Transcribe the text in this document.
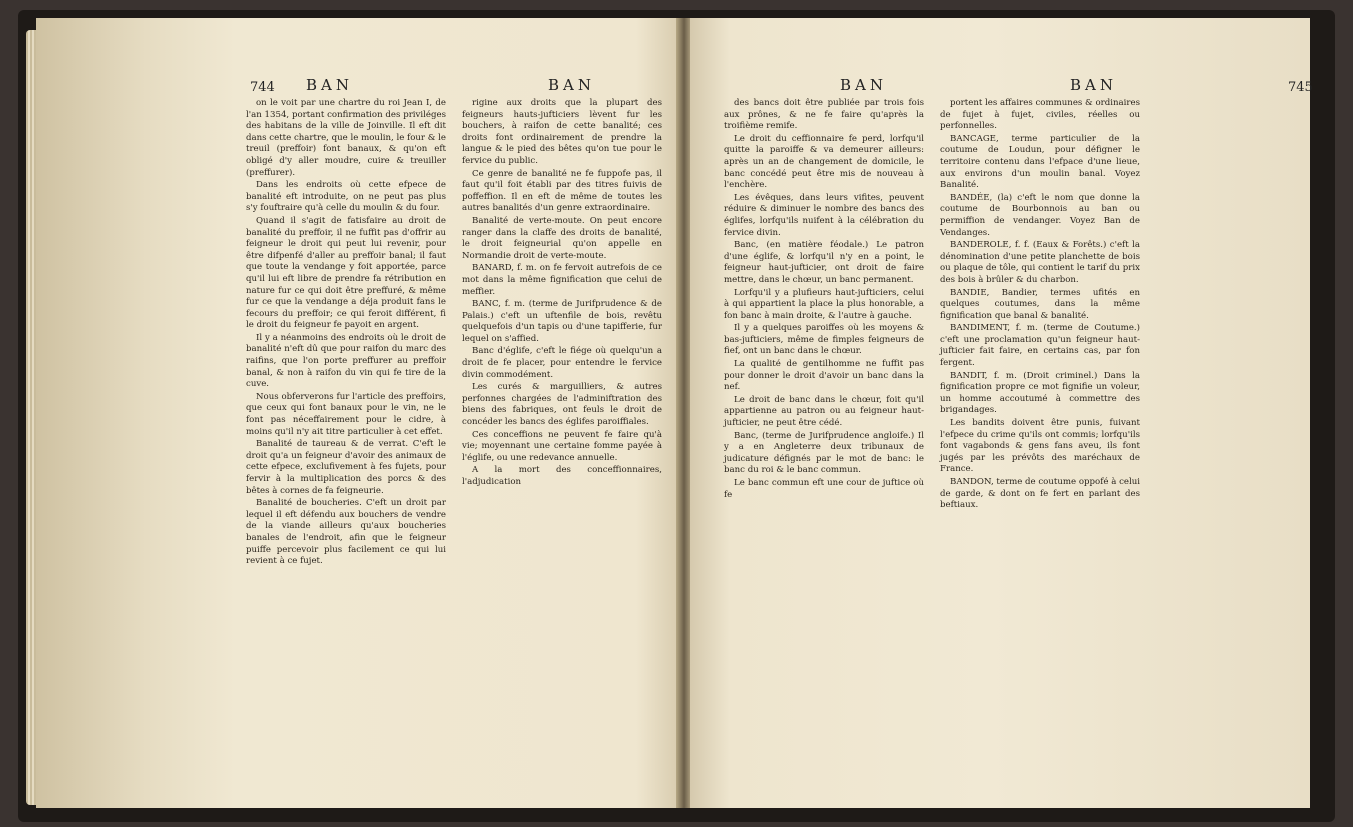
744 BAN	BAN	BAN	BAN	745

on le voit par une chartre du roi Jean I, de l'an 1354, portant confirmation des priviléges des habitans de la ville de Joinville. Il eft dit dans cette chartre, que le moulin, le four & le treuil (preffoir) font banaux, & qu'on eft obligé d'y aller moudre, cuire & treuiller (preffurer).

Dans les endroits où cette efpece de banalité eft introduite, on ne peut pas plus s'y fouftraire qu'à celle du moulin & du four.

Quand il s'agit de fatisfaire au droit de banalité du preffoir, il ne fuffit pas d'offrir au feigneur le droit qui peut lui revenir, pour être difpenfé d'aller au preffoir banal; il faut que toute la vendange y foit apportée, parce qu'il lui eft libre de prendre fa rétribution en nature fur ce qui doit être preffuré, & même fur ce que la vendange a déja produit fans le fecours du preffoir; ce qui feroit différent, fi le droit du feigneur fe payoit en argent.

Il y a néanmoins des endroits où le droit de banalité n'eft dû que pour raifon du marc des raifins, que l'on porte preffurer au preffoir banal, & non à raifon du vin qui fe tire de la cuve.

Nous obferverons fur l'article des preffoirs, que ceux qui font banaux pour le vin, ne le font pas néceffairement pour le cidre, à moins qu'il n'y ait titre particulier à cet effet.

Banalité de taureau & de verrat. C'eft le droit qu'a un feigneur d'avoir des animaux de cette efpece, exclufivement à fes fujets, pour fervir à la multiplication des porcs & des bêtes à cornes de fa feigneurie.

Banalité de boucheries. C'eft un droit par lequel il eft défendu aux bouchers de vendre de la viande ailleurs qu'aux boucheries banales de l'endroit, afin que le feigneur puiffe percevoir plus facilement ce qui lui revient à ce fujet.

rigine aux droits que la plupart des feigneurs hauts-jufticiers lèvent fur les bouchers, à raifon de cette banalité; ces droits font ordinairement de prendre la langue & le pied des bêtes qu'on tue pour le fervice du public.

Ce genre de banalité ne fe fuppofe pas, il faut qu'il foit établi par des titres fuivis de poffeffion. Il en eft de même de toutes les autres banalités d'un genre extraordinaire.

Banalité de verte-moute. On peut encore ranger dans la claffe des droits de banalité, le droit feigneurial qu'on appelle en Normandie droit de verte-moute.

BANARD, f. m. on fe fervoit autrefois de ce mot dans la même fignification que celui de meffier.

BANC, f. m. (terme de Jurifprudence & de Palais.) c'eft un uftenfile de bois, revêtu quelquefois d'un tapis ou d'une tapifferie, fur lequel on s'affied.

Banc d'églife, c'eft le fiége où quelqu'un a droit de fe placer, pour entendre le fervice divin commodément.

Les curés & marguilliers, & autres perfonnes chargées de l'adminiftration des biens des fabriques, ont feuls le droit de concéder les bancs des églifes paroiffiales.

Ces conceffions ne peuvent fe faire qu'à vie; moyennant une certaine fomme payée à l'églife, ou une redevance annuelle.

A la mort des conceffionnaires, l'adjudication

des bancs doit être publiée par trois fois aux prônes, & ne fe faire qu'après la troifième remife.

Le droit du ceffionnaire fe perd, lorfqu'il quitte la paroiffe & va demeurer ailleurs: après un an de changement de domicile, le banc concédé peut être mis de nouveau à l'enchère.

Les évêques, dans leurs vifites, peuvent réduire & diminuer le nombre des bancs des églifes, lorfqu'ils nuifent à la célébration du fervice divin.

Banc, (en matière féodale.) Le patron d'une églife, & lorfqu'il n'y en a point, le feigneur haut-jufticier, ont droit de faire mettre, dans le chœur, un banc permanent.

Lorfqu'il y a plufieurs haut-jufticiers, celui à qui appartient la place la plus honorable, a fon banc à main droite, & l'autre à gauche.

Il y a quelques paroiffes où les moyens & bas-jufticiers, même de fimples feigneurs de fief, ont un banc dans le chœur.

La qualité de gentilhomme ne fuffit pas pour donner le droit d'avoir un banc dans la nef.

Le droit de banc dans le chœur, foit qu'il appartienne au patron ou au feigneur haut-jufticier, ne peut être cédé.

Banc, (terme de Jurifprudence angloife.) Il y a en Angleterre deux tribunaux de judicature défignés par le mot de banc: le banc du roi & le banc commun.

Le banc commun eft une cour de juftice où fe

portent les affaires communes & ordinaires de fujet à fujet, civiles, réelles ou perfonnelles.

BANCAGE, terme particulier de la coutume de Loudun, pour défigner le territoire contenu dans l'efpace d'une lieue, aux environs d'un moulin banal. Voyez Banalité.

BANDÉE, (la) c'eft le nom que donne la coutume de Bourbonnois au ban ou permiffion de vendanger. Voyez Ban de Vendanges.

BANDEROLE, f. f. (Eaux & Forêts.) c'eft la dénomination d'une petite planchette de bois ou plaque de tôle, qui contient le tarif du prix des bois à brûler & du charbon.

BANDIE, Bandier, termes ufités en quelques coutumes, dans la même fignification que banal & banalité.

BANDIMENT, f. m. (terme de Coutume.) c'eft une proclamation qu'un feigneur haut-jufticier fait faire, en certains cas, par fon fergent.

BANDIT, f. m. (Droit criminel.) Dans la fignification propre ce mot fignifie un voleur, un homme accoutumé à commettre des brigandages.

Les bandits doivent être punis, fuivant l'efpece du crime qu'ils ont commis; lorfqu'ils font vagabonds & gens fans aveu, ils font jugés par les prévôts des maréchaux de France.

BANDON, terme de coutume oppofé à celui de garde, & dont on fe fert en parlant des beftiaux.
